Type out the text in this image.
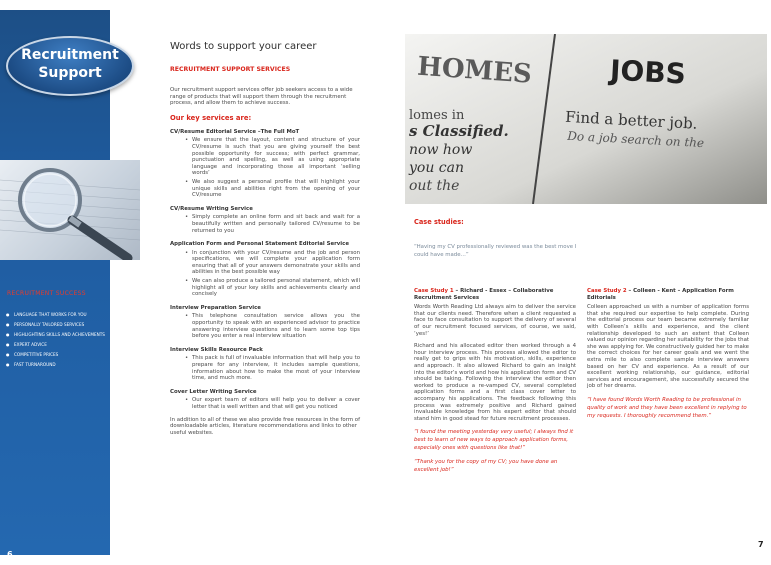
Recruitment
Support
RECRUITMENT SUCCESS
● LANGUAGE THAT WORKS FOR YOU
● PERSONALLY TAILORED SERVICES
● HIGHLIGHTING SKILLS AND ACHIEVEMENTS
● EXPERT ADVICE
● COMPETITIVE PRICES
● FAST TURNAROUND
6
Words to support your career
RECRUITMENT SUPPORT SERVICES

Our recruitment support services offer job seekers access to a wide range of products that will support them through the recruitment process, and allow them to achieve success.

Our key services are:
CV/Resume Editorial Service –The Full MoT
• We ensure that the layout, content and structure of your CV/resume is such that you are giving yourself the best possible opportunity for success; with perfect grammar, punctuation and spelling, as well as using appropriate language and incorporating those all important ‘selling words’
• We also suggest a personal profile that will highlight your unique skills and abilities right from the opening of your CV/resume
CV/Resume Writing Service
• Simply complete an online form and sit back and wait for a beautifully written and personally tailored CV/resume to be returned to you
Application Form and Personal Statement Editorial Service
• In conjunction with your CV/resume and the job and person specifications, we will complete your application form ensuring that all of your answers demonstrate your skills and abilities in the best possible way
• We can also produce a tailored personal statement, which will highlight all of your key skills and achievements clearly and concisely
Interview Preparation Service
• This telephone consultation service allows you the opportunity to speak with an experienced advisor to practice answering interview questions and to learn some top tips before you enter a real interview situation
Interview Skills Resource Pack
• This pack is full of invaluable information that will help you to prepare for any interview, it includes sample questions, information about how to make the most of your interview time, and much more.
Cover Letter Writing Service
• Our expert team of editors will help you to deliver a cover letter that is well written and that will get you noticed

In addition to all of these we also provide free resources in the form of downloadable articles, literature recommendations and links to other useful websites.

HOMES	JOBS
Find a better job.
Do a job search on the
lomes in
s Classified.
now how
you can
out the
Case studies:
“Having my CV professionally reviewed was the best move I could have made…”
Case Study 1 – Richard - Essex – Collaborative Recruitment Services

Words Worth Reading Ltd always aim to deliver the service that our clients need. Therefore when a client requested a face to face consultation to support the delivery of several of our recruitment focused services, of course, we said, ‘yes!’

Richard and his allocated editor then worked through a 4 hour interview process. This process allowed the editor to really get to grips with his motivation, skills, experience and approach. It also allowed Richard to gain an insight into the editor’s world and how his application form and CV should be taking. Following the interview the editor then worked to produce a re-vamped CV, several completed application forms and a first class cover letter to accompany his applications. The feedback following this process was extremely positive and Richard gained invaluable knowledge from his expert editor that should stand him in good stead for future recruitment processes.

“I found the meeting yesterday very useful; I always find it best to learn of new ways to approach application forms, especially ones with questions like that!”

“Thank you for the copy of my CV; you have done an excellent job!”

Case Study 2 – Colleen - Kent – Application Form Editorials

Colleen approached us with a number of application forms that she required our expertise to help complete. During the editorial process our team became extremely familiar with Colleen’s skills and experience, and the client relationship developed to such an extent that Colleen valued our opinion regarding her suitability for the jobs that she was applying for. We constructively guided her to make the correct choices for her career goals and we went the extra mile to also complete sample interview answers based on her CV and experience. As a result of our excellent working relationship, our guidance, editorial services and encouragement, she successfully secured the job of her dreams.

“I have found Words Worth Reading to be professional in quality of work and they have been excellent in replying to my requests. I thoroughly recommend them.”

7
